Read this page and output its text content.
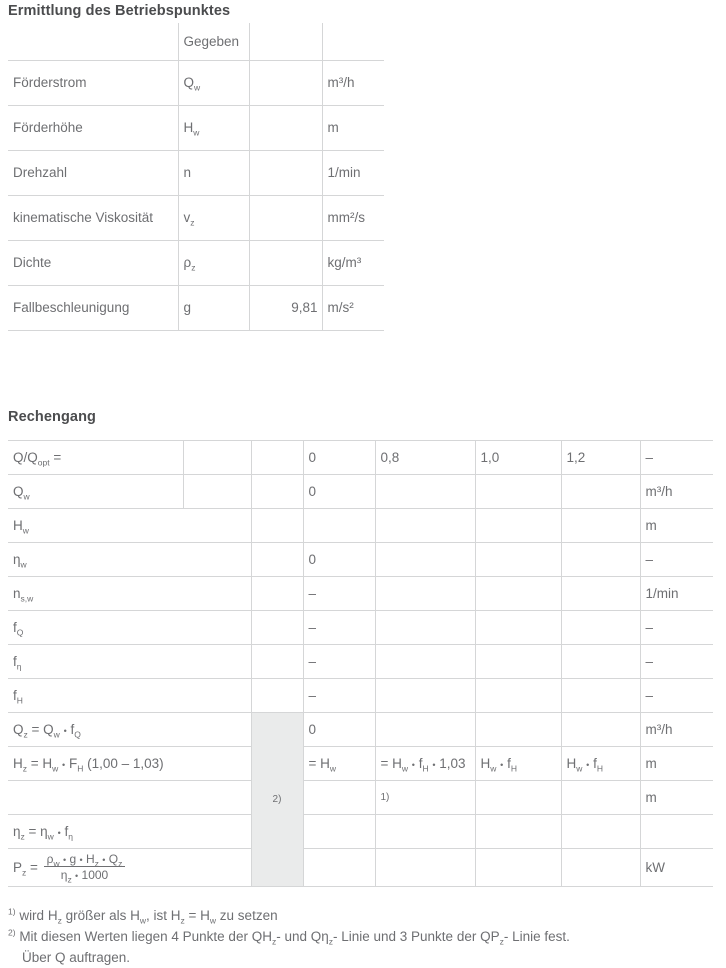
Ermittlung des Betriebspunktes
	Gegeben		
Förderstrom	$Q_w$		m³/h
Förderhöhe	$H_w$		m
Drehzahl	n		1/min
kinematische Viskosität	$v_z$		mm²/s
Dichte	$\rho_z$		kg/m³
Fallbeschleunigung	g	9,81	m/s²
Rechengang
$Q/Q_{opt}$ =			0	0,8	1,0	1,2	–
$Q_w$			0				m³/h
$H_w$							m
$\eta_w$			0				–
$n_{s,w}$			–				1/min
$f_Q$			–				–
$f_\eta$			–				–
$f_H$			–				–
$Q_z = Q_w$ • $f_Q$		2)	0				m³/h
$H_z = H_w$ • $F_H$ (1,00 – 1,03)			= $H_w$	= $H_w$ • $f_H$ • 1,03	$H_w$ • $f_H$	$H_w$ • $f_H$	m
				1)			m
$\eta_z = \eta_w$ • $f_\eta$					
$P_z = \frac{\rho_w • g • H_z • Q_z}{\eta_z • 1000}$							kW
$^{1)}$ wird $H_z$ größer als $H_w$, ist $H_z = H_w$ zu setzen
$^{2)}$ Mit diesen Werten liegen 4 Punkte der $QH_z-$ und $Q\eta_z-$ Linie und 3 Punkte der $QP_z-$ Linie fest.
Über Q auftragen.
